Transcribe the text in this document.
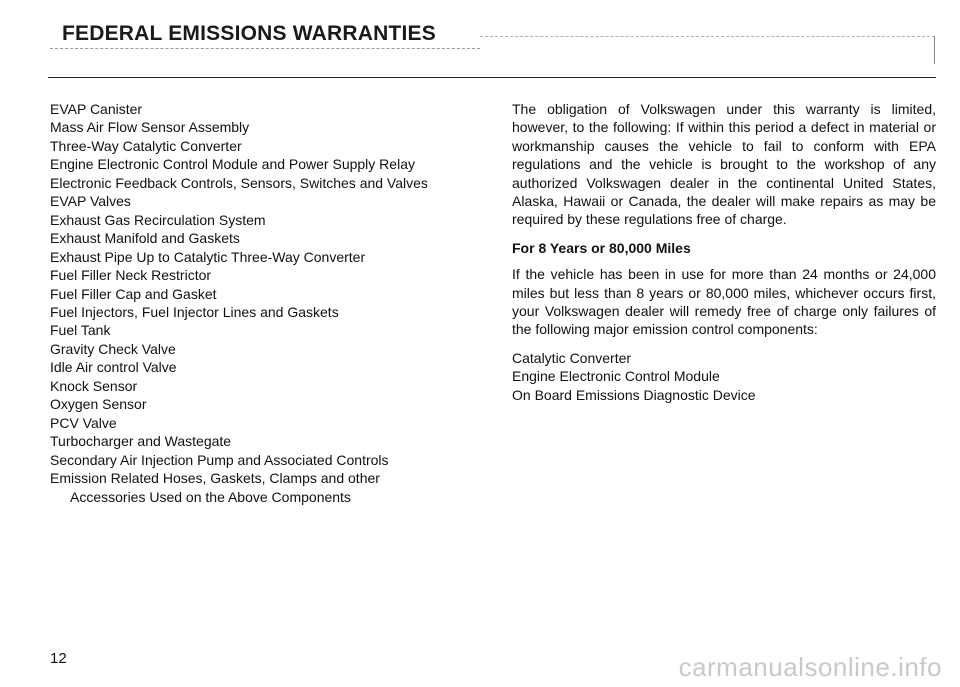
FEDERAL EMISSIONS WARRANTIES
EVAP Canister
Mass Air Flow Sensor Assembly
Three-Way Catalytic Converter
Engine Electronic Control Module and Power Supply Relay
Electronic Feedback Controls, Sensors, Switches and Valves
EVAP Valves
Exhaust Gas Recirculation System
Exhaust Manifold and Gaskets
Exhaust Pipe Up to Catalytic Three-Way Converter
Fuel Filler Neck Restrictor
Fuel Filler Cap and Gasket
Fuel Injectors, Fuel Injector Lines and Gaskets
Fuel Tank
Gravity Check Valve
Idle Air control Valve
Knock Sensor
Oxygen Sensor
PCV Valve
Turbocharger and Wastegate
Secondary Air Injection Pump and Associated Controls
Emission Related Hoses, Gaskets, Clamps and other
Accessories Used on the Above Components

The obligation of Volkswagen under this warranty is limited, however, to the following: If within this period a defect in material or workmanship causes the vehicle to fail to conform with EPA regulations and the vehicle is brought to the workshop of any authorized Volkswagen dealer in the continental United States, Alaska, Hawaii or Canada, the dealer will make repairs as may be required by these regulations free of charge.

For 8 Years or 80,000 Miles

If the vehicle has been in use for more than 24 months or 24,000 miles but less than 8 years or 80,000 miles, whichever occurs first, your Volkswagen dealer will remedy free of charge only failures of the following major emission control components:

Catalytic Converter
Engine Electronic Control Module
On Board Emissions Diagnostic Device
12	carmanualsonline.info
